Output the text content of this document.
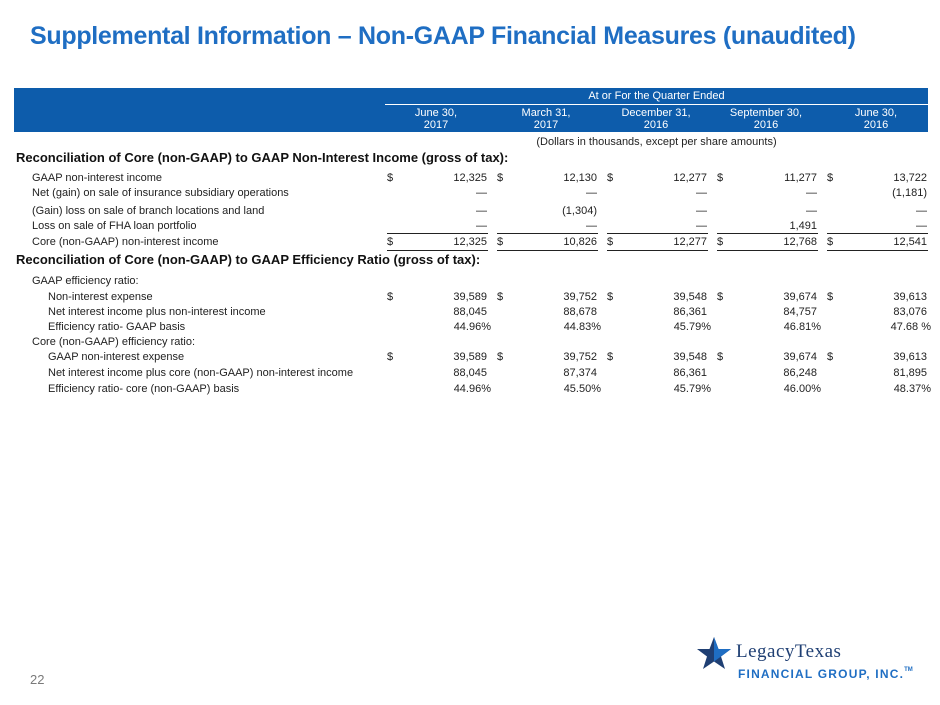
Supplemental Information – Non-GAAP Financial Measures (unaudited)
At or For the Quarter Ended
June 30,
2017
March 31,
2017
December 31,
2016
September 30,
2016
June 30,
2016
(Dollars in thousands, except per share amounts)
Reconciliation of Core (non-GAAP) to GAAP Non-Interest Income (gross of tax):
GAAP non-interest income	$	12,325 $	12,130 $	12,277 $	11,277 $	13,722
Net (gain) on sale of insurance subsidiary operations	—	—	—	—	(1,181)
(Gain) loss on sale of branch locations and land	—	(1,304)	—	—	—
Loss on sale of FHA loan portfolio	—	—	—	1,491	—
Core (non-GAAP) non-interest income	$	12,325 $	10,826 $	12,277 $	12,768 $	12,541
Reconciliation of Core (non-GAAP) to GAAP Efficiency Ratio (gross of tax):
GAAP efficiency ratio:
Non-interest expense	$	39,589 $	39,752 $	39,548 $	39,674 $	39,613
Net interest income plus non-interest income	88,045	88,678	86,361	84,757	83,076
Efficiency ratio- GAAP basis	44.96%	44.83%	45.79%	46.81%	47.68 %
Core (non-GAAP) efficiency ratio:
GAAP non-interest expense	$	39,589 $	39,752 $	39,548 $	39,674 $	39,613
Net interest income plus core (non-GAAP) non-interest income	88,045	87,374	86,361	86,248	81,895
Efficiency ratio- core (non-GAAP) basis	44.96%	45.50%	45.79%	46.00%	48.37%
22
LegacyTexas
FINANCIAL GROUP, INC.™
